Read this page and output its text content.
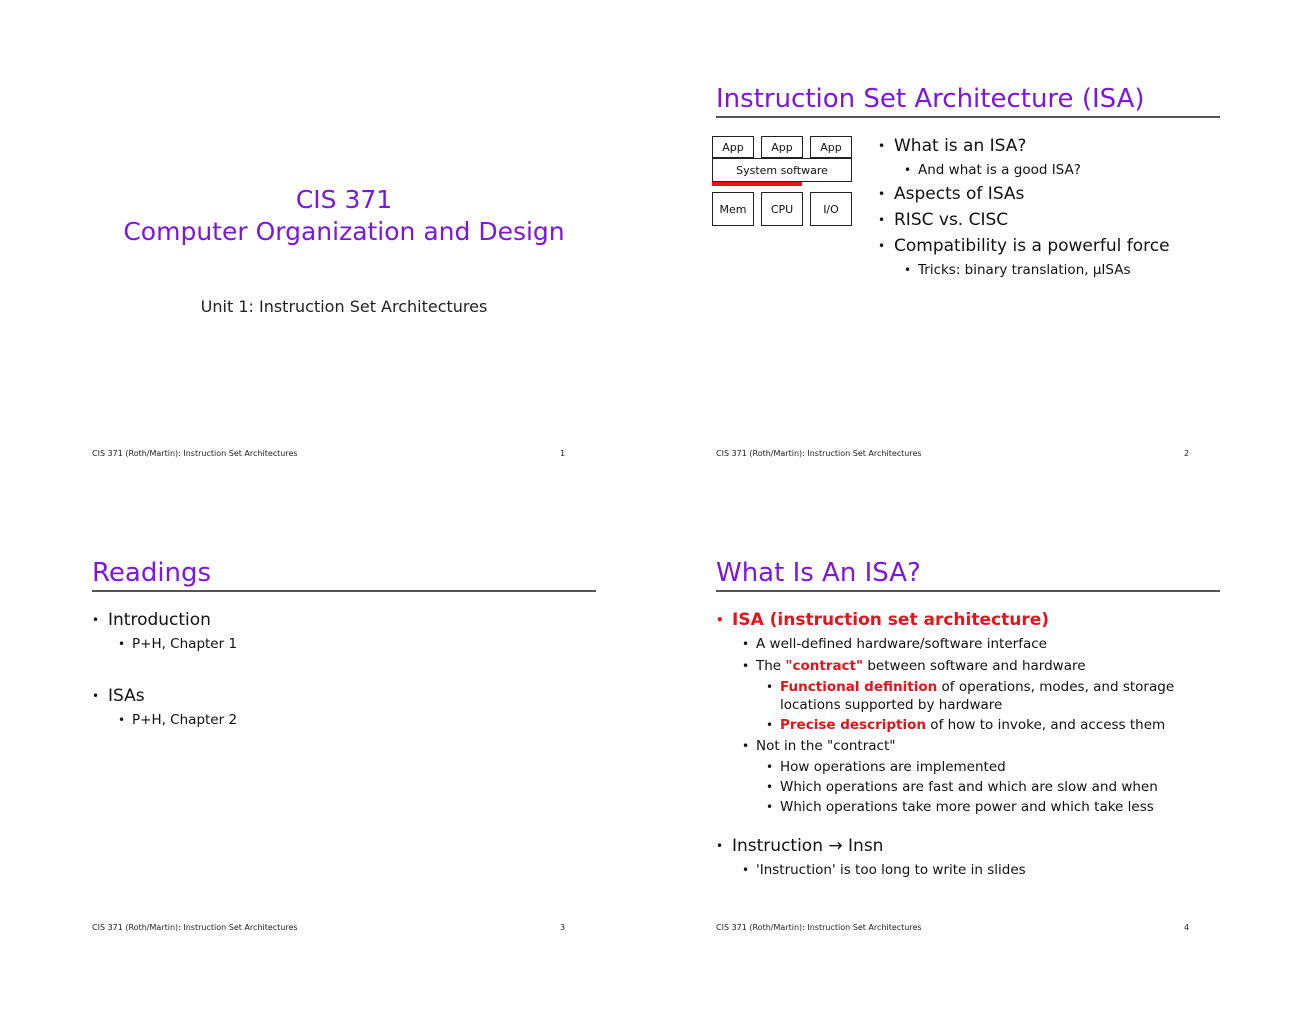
CIS 371
Computer Organization and Design
Unit 1: Instruction Set Architectures
CIS 371 (Roth/Martin): Instruction Set Architectures	1
Instruction Set Architecture (ISA)
App	App	App
System software
Mem	CPU	I/O
• What is an ISA?
• And what is a good ISA?
• Aspects of ISAs
• RISC vs. CISC
• Compatibility is a powerful force
• Tricks: binary translation, µISAs
CIS 371 (Roth/Martin): Instruction Set Architectures	2
Readings
• Introduction
• P+H, Chapter 1
• ISAs
• P+H, Chapter 2
CIS 371 (Roth/Martin): Instruction Set Architectures	3
What Is An ISA?
• ISA (instruction set architecture)
• A well-defined hardware/software interface
• The "contract" between software and hardware
• Functional definition of operations, modes, and storage
locations supported by hardware
• Precise description of how to invoke, and access them
• Not in the "contract"
• How operations are implemented
• Which operations are fast and which are slow and when
• Which operations take more power and which take less
• Instruction → Insn
• 'Instruction' is too long to write in slides
CIS 371 (Roth/Martin): Instruction Set Architectures	4
